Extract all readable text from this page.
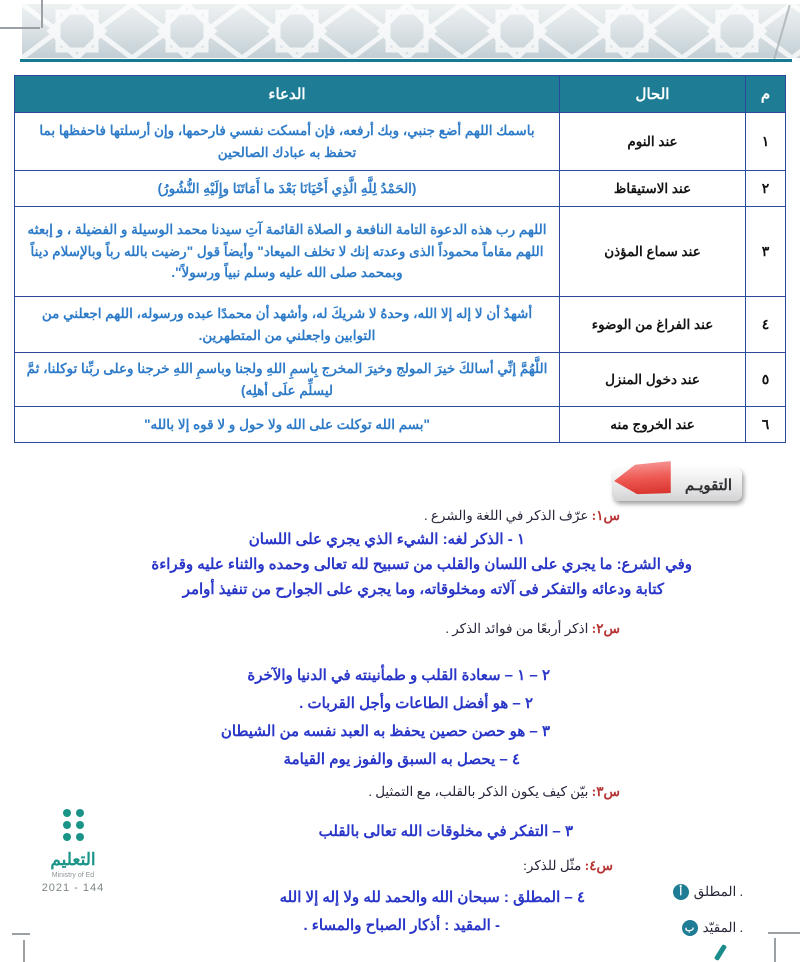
م	الحال	الدعاء
١	عند النوم	باسمك اللهم أضع جنبي، وبك أرفعه، فإن أمسكت نفسي فارحمها، وإن أرسلتها فاحفظها بما تحفظ به عبادك الصالحين
٢	عند الاستيقاظ	(الحَمْدُ لِلَّهِ الَّذِي أَحْيَانَا بَعْدَ ما أَمَاتَنَا وإِلَيْهِ النُّشُورُ)
٣	عند سماع المؤذن	اللهم رب هذه الدعوة التامة النافعة و الصلاة القائمة آتِ سيدنا محمد الوسيلة و الفضيلة ، و إبعثه اللهم مقاماً محموداً الذى وعدته إنك لا تخلف الميعاد" وأيضاً قول "رضيت بالله رباً وبالإسلام ديناً وبمحمد صلى الله عليه وسلم نبياً ورسولاً".
٤	عند الفراغ من الوضوء	أشهدُ أن لا إله إلا الله، وحدهُ لا شريكَ له، وأشهد أن محمدًا عبده ورسوله، اللهم اجعلني من التوابين واجعلني من المتطهرين.
٥	عند دخول المنزل	اللَّهُمَّ إنِّي أسالكَ خيرَ المولج وخيرَ المخرج بِاسمِ اللهِ ولجنا وباسمِ اللهِ خرجنا وعلى ربِّنا توكلنا، ثمَّ ليسلِّم علَى أهلِه)
٦	عند الخروج منه	"بسم الله توكلت على الله ولا حول و لا قوه إلا بالله"
التقويـم
س١: عرّف الذكر في اللغة والشرع .
١ - الذكر لغه: الشيء الذي يجري على اللسان
وفي الشرع: ما يجري على اللسان والقلب من تسبيح لله تعالى وحمده والثناء عليه وقراءة
كتابة ودعائه والتفكر فى آلاته ومخلوقاته، وما يجري على الجوارح من تنفيذ أوامر
س٢: اذكر أربعًا من فوائد الذكر .
٢ – ١ – سعادة القلب و طمأنينته في الدنيا والآخرة
٢ – هو أفضل الطاعات وأجل القربات .
٣ – هو حصن حصين يحفظ به العبد نفسه من الشيطان
٤ – يحصل به السبق والفوز يوم القيامة
س٣: بيّن كيف يكون الذكر بالقلب، مع التمثيل .
٣ – التفكر في مخلوقات الله تعالى بالقلب
س٤: مثّل للذكر:
أ المطلق .
ب المقيّد .
٤ – المطلق : سبحان الله والحمد لله ولا إله إلا الله
- المقيد : أذكار الصباح والمساء .
التعليم
Ministry of Ed
2021 - 144
